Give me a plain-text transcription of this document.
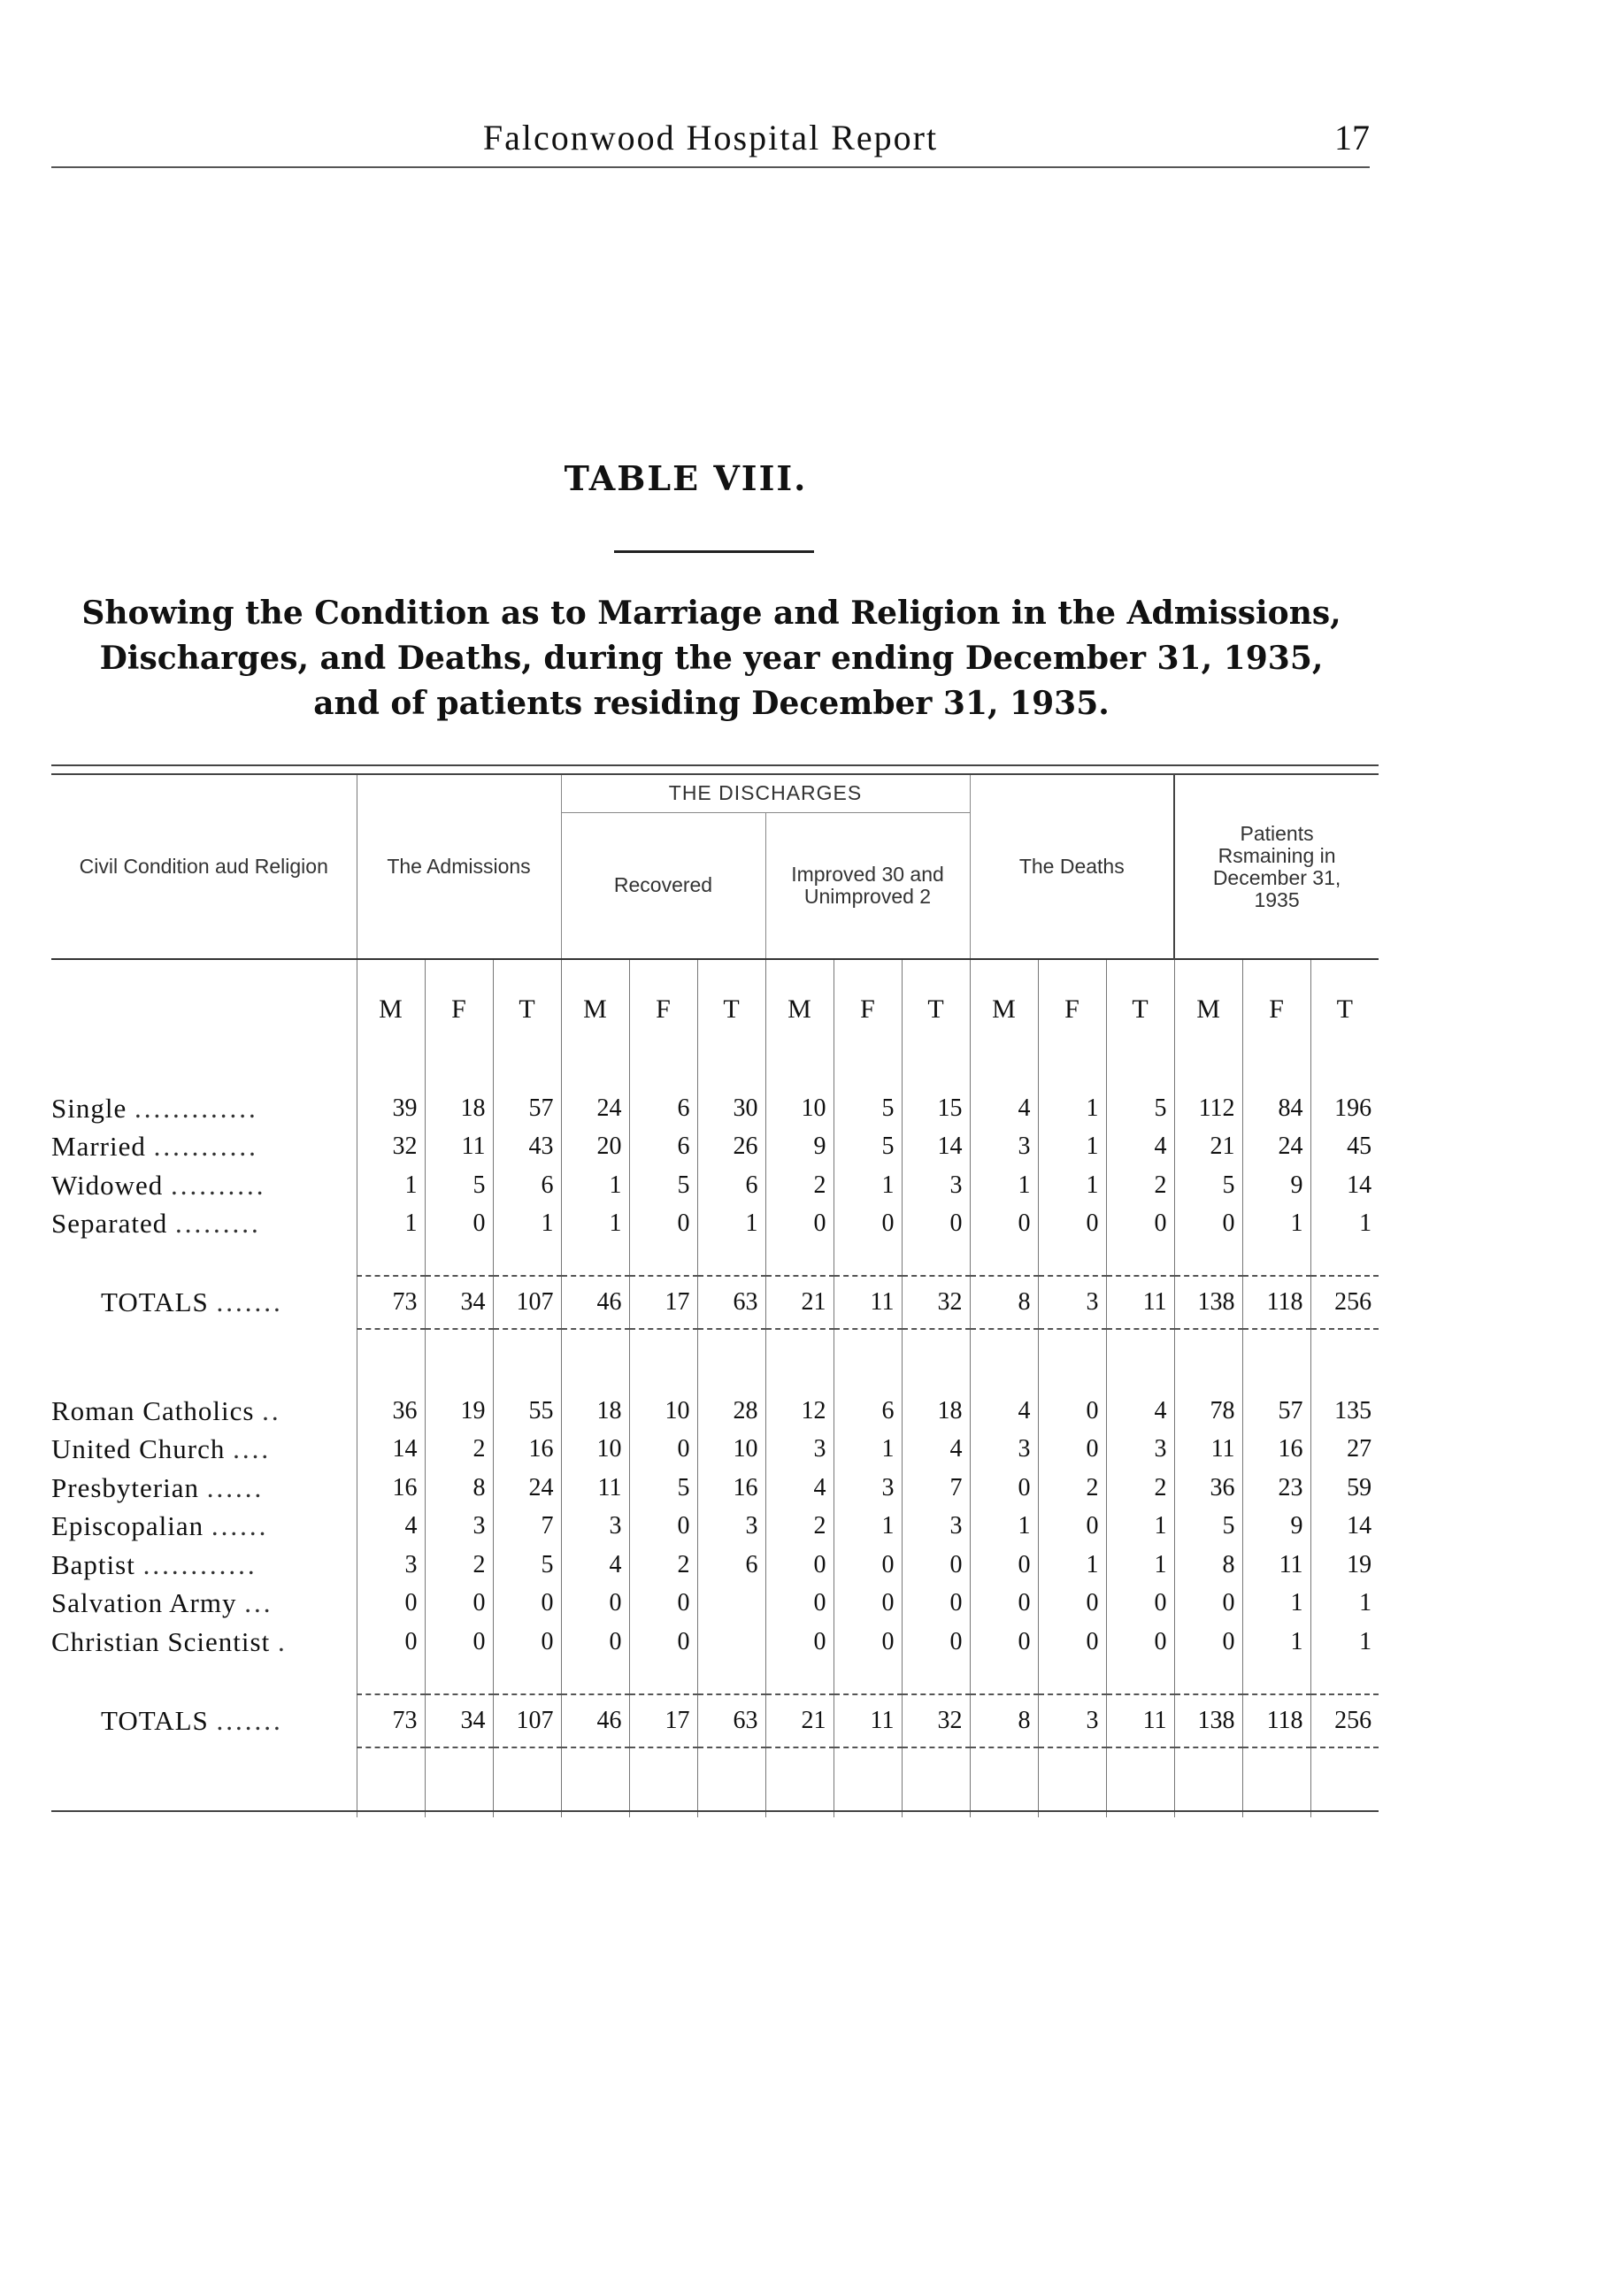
Falconwood Hospital Report	17
TABLE VIII.
Showing the Condition as to Marriage and Religion in the Admissions,
Discharges, and Deaths, during the year ending December 31, 1935,
and of patients residing December 31, 1935.
Civil Condition aud Religion	The Admissions			THE DISCHARGES						The Deaths			Patients Rsmaining in December 31, 1935		
				Recovered			Improved 30 and Unimproved 2								
	M	F	T	M	F	T	M	F	T	M	F	T	M	F	T

Single .............	39	18	57	24	6	30	10	5	15	4	1	5	112	84	196
Married ...........	32	11	43	20	6	26	9	5	14	3	1	4	21	24	45
Widowed ..........	1	5	6	1	5	6	2	1	3	1	1	2	5	9	14
Separated .........	1	0	1	1	0	1	0	0	0	0	0	0	0	1	1

TOTALS .......	73	34	107	46	17	63	21	11	32	8	3	11	138	118	256

Roman Catholics ..	36	19	55	18	10	28	12	6	18	4	0	4	78	57	135
United Church ....	14	2	16	10	0	10	3	1	4	3	0	3	11	16	27
Presbyterian ......	16	8	24	11	5	16	4	3	7	0	2	2	36	23	59
Episcopalian ......	4	3	7	3	0	3	2	1	3	1	0	1	5	9	14
Baptist ............	3	2	5	4	2	6	0	0	0	0	1	1	8	11	19
Salvation Army ...	0	0	0	0	0		0	0	0	0	0	0	0	1	1
Christian Scientist .	0	0	0	0	0		0	0	0	0	0	0	0	1	1

TOTALS .......	73	34	107	46	17	63	21	11	32	8	3	11	138	118	256
